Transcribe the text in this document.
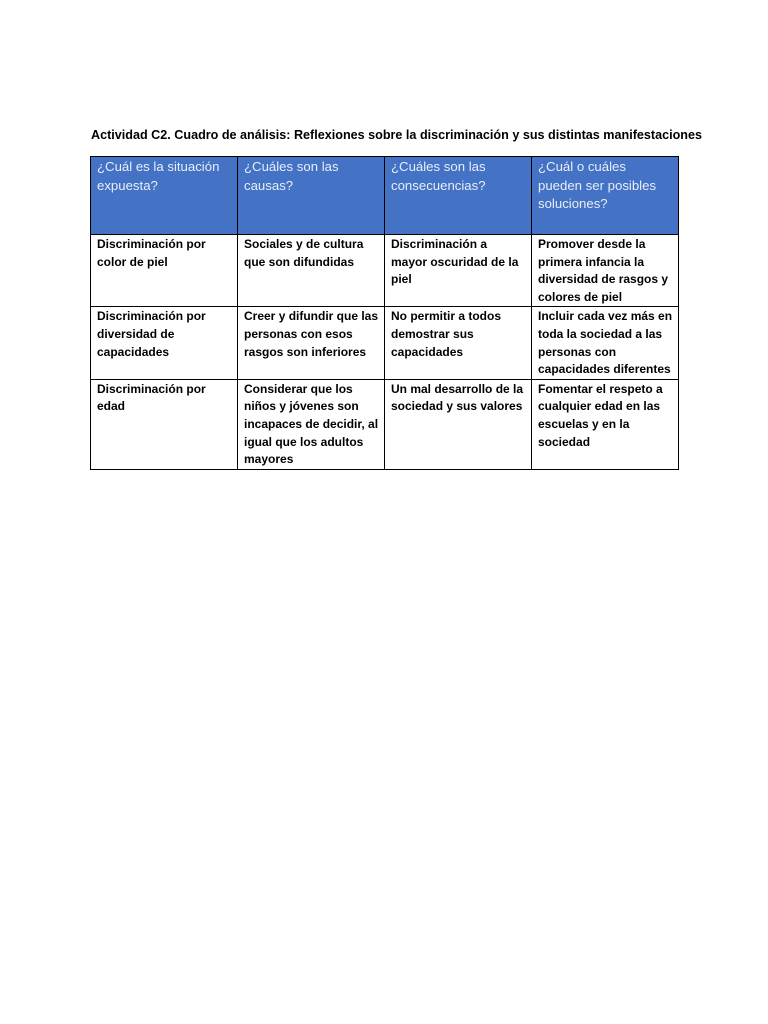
Actividad C2. Cuadro de análisis: Reflexiones sobre la discriminación y sus distintas manifestaciones
¿Cuál es la situación expuesta?	¿Cuáles son las causas?	¿Cuáles son las consecuencias?	¿Cuál o cuáles pueden ser posibles soluciones?
Discriminación por color de piel	Sociales y de cultura que son difundidas	Discriminación a mayor oscuridad de la piel	Promover desde la primera infancia la diversidad de rasgos y colores de piel
Discriminación por diversidad de capacidades	Creer y difundir que las personas con esos rasgos son inferiores	No permitir a todos demostrar sus capacidades	Incluir cada vez más en toda la sociedad a las personas con capacidades diferentes
Discriminación por edad	Considerar que los niños y jóvenes son incapaces de decidir, al igual que los adultos mayores	Un mal desarrollo de la sociedad y sus valores	Fomentar el respeto a cualquier edad en las escuelas y en la sociedad
